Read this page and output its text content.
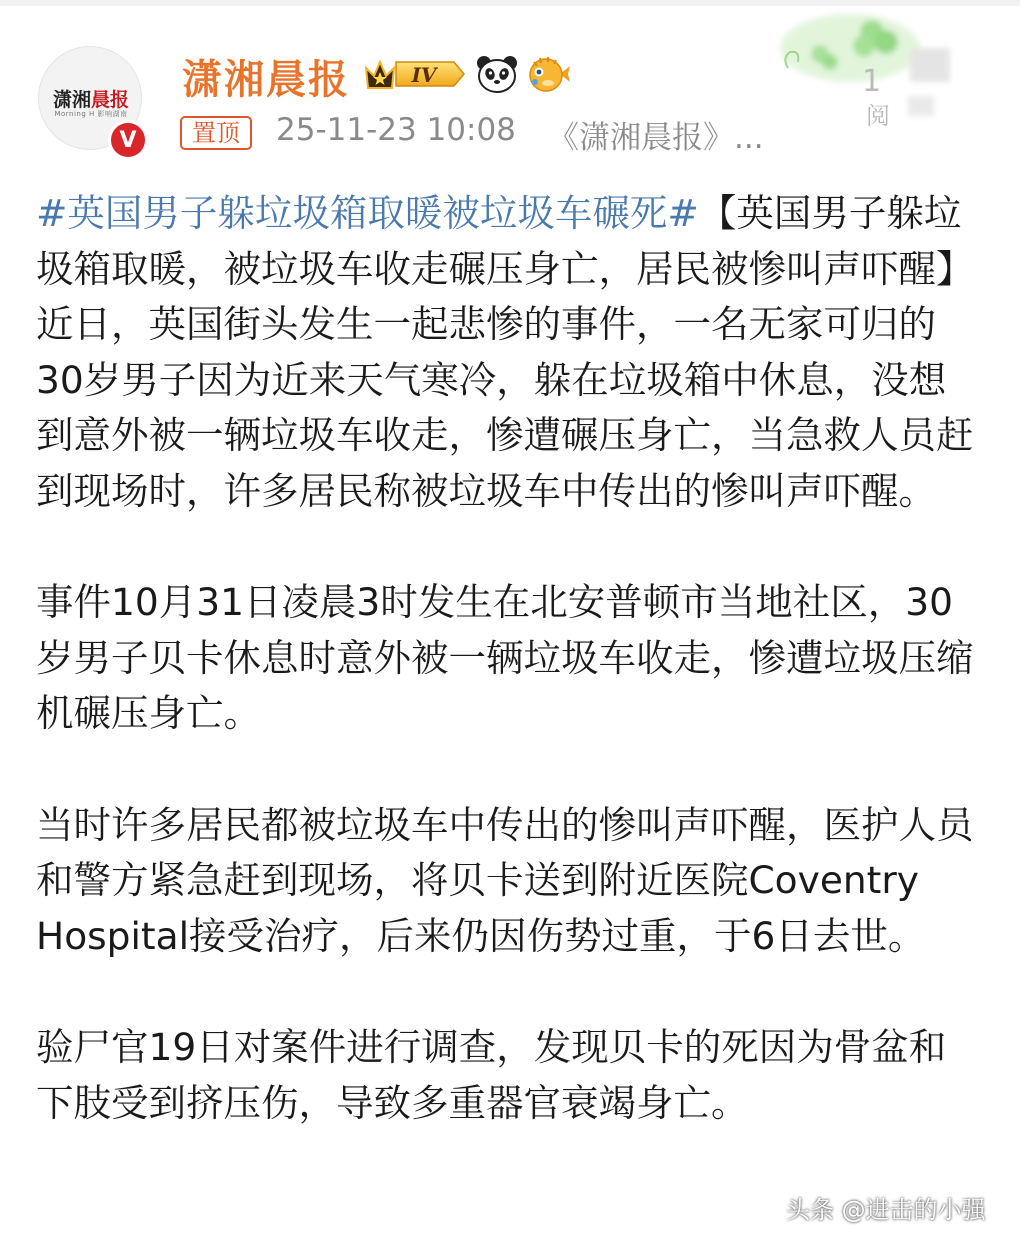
潇湘晨报
Morning H 影响湖南
V
潇湘晨报	IV
置顶	25-11-23 10:08 《潇湘晨报》...
1
阅

#英国男子躲垃圾箱取暖被垃圾车碾死#【英国男子躲垃圾箱取暖，被垃圾车收走碾压身亡，居民被惨叫声吓醒】近日，英国街头发生一起悲惨的事件，一名无家可归的30岁男子因为近来天气寒冷，躲在垃圾箱中休息，没想到意外被一辆垃圾车收走，惨遭碾压身亡，当急救人员赶到现场时，许多居民称被垃圾车中传出的惨叫声吓醒。

事件10月31日凌晨3时发生在北安普顿市当地社区，30岁男子贝卡休息时意外被一辆垃圾车收走，惨遭垃圾压缩机碾压身亡。

当时许多居民都被垃圾车中传出的惨叫声吓醒，医护人员和警方紧急赶到现场，将贝卡送到附近医院Coventry Hospital接受治疗，后来仍因伤势过重，于6日去世。

验尸官19日对案件进行调查，发现贝卡的死因为骨盆和下肢受到挤压伤，导致多重器官衰竭身亡。

头条 @进击的小强
